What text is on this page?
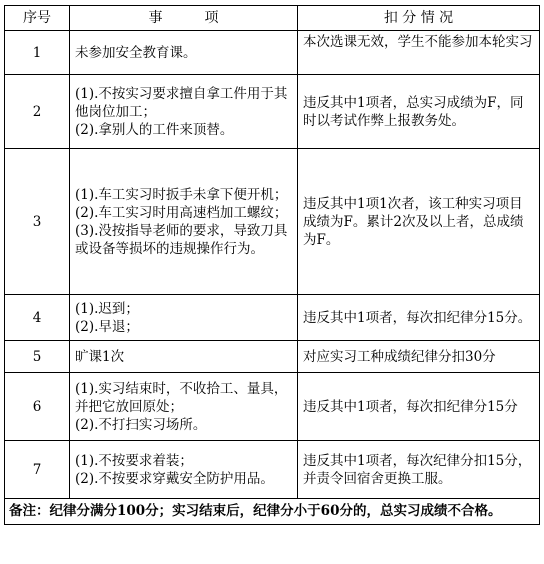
序号	事　　　项	扣 分 情 况
1	未参加安全教育课。	本次选课无效，学生不能参加本轮实习
2	(1).不按实习要求擅自拿工件用于其他岗位加工；
(2).拿别人的工件来顶替。	违反其中1项者，总实习成绩为F，同时以考试作弊上报教务处。
3	(1).车工实习时扳手未拿下便开机；
(2).车工实习时用高速档加工螺纹；
(3).没按指导老师的要求，导致刀具或设备等损坏的违规操作行为。	违反其中1项1次者，该工种实习项目成绩为F。累计2次及以上者，总成绩为F。
4	(1).迟到；
(2).早退；	违反其中1项者，每次扣纪律分15分。
5	旷课1次	对应实习工种成绩纪律分扣30分
6	(1).实习结束时，不收拾工、量具，并把它放回原处；
(2).不打扫实习场所。	违反其中1项者，每次扣纪律分15分
7	(1).不按要求着装；
(2).不按要求穿戴安全防护用品。	违反其中1项者，每次纪律分扣15分，并责令回宿舍更换工服。
备注：纪律分满分100分；实习结束后，纪律分小于60分的，总实习成绩不合格。		
